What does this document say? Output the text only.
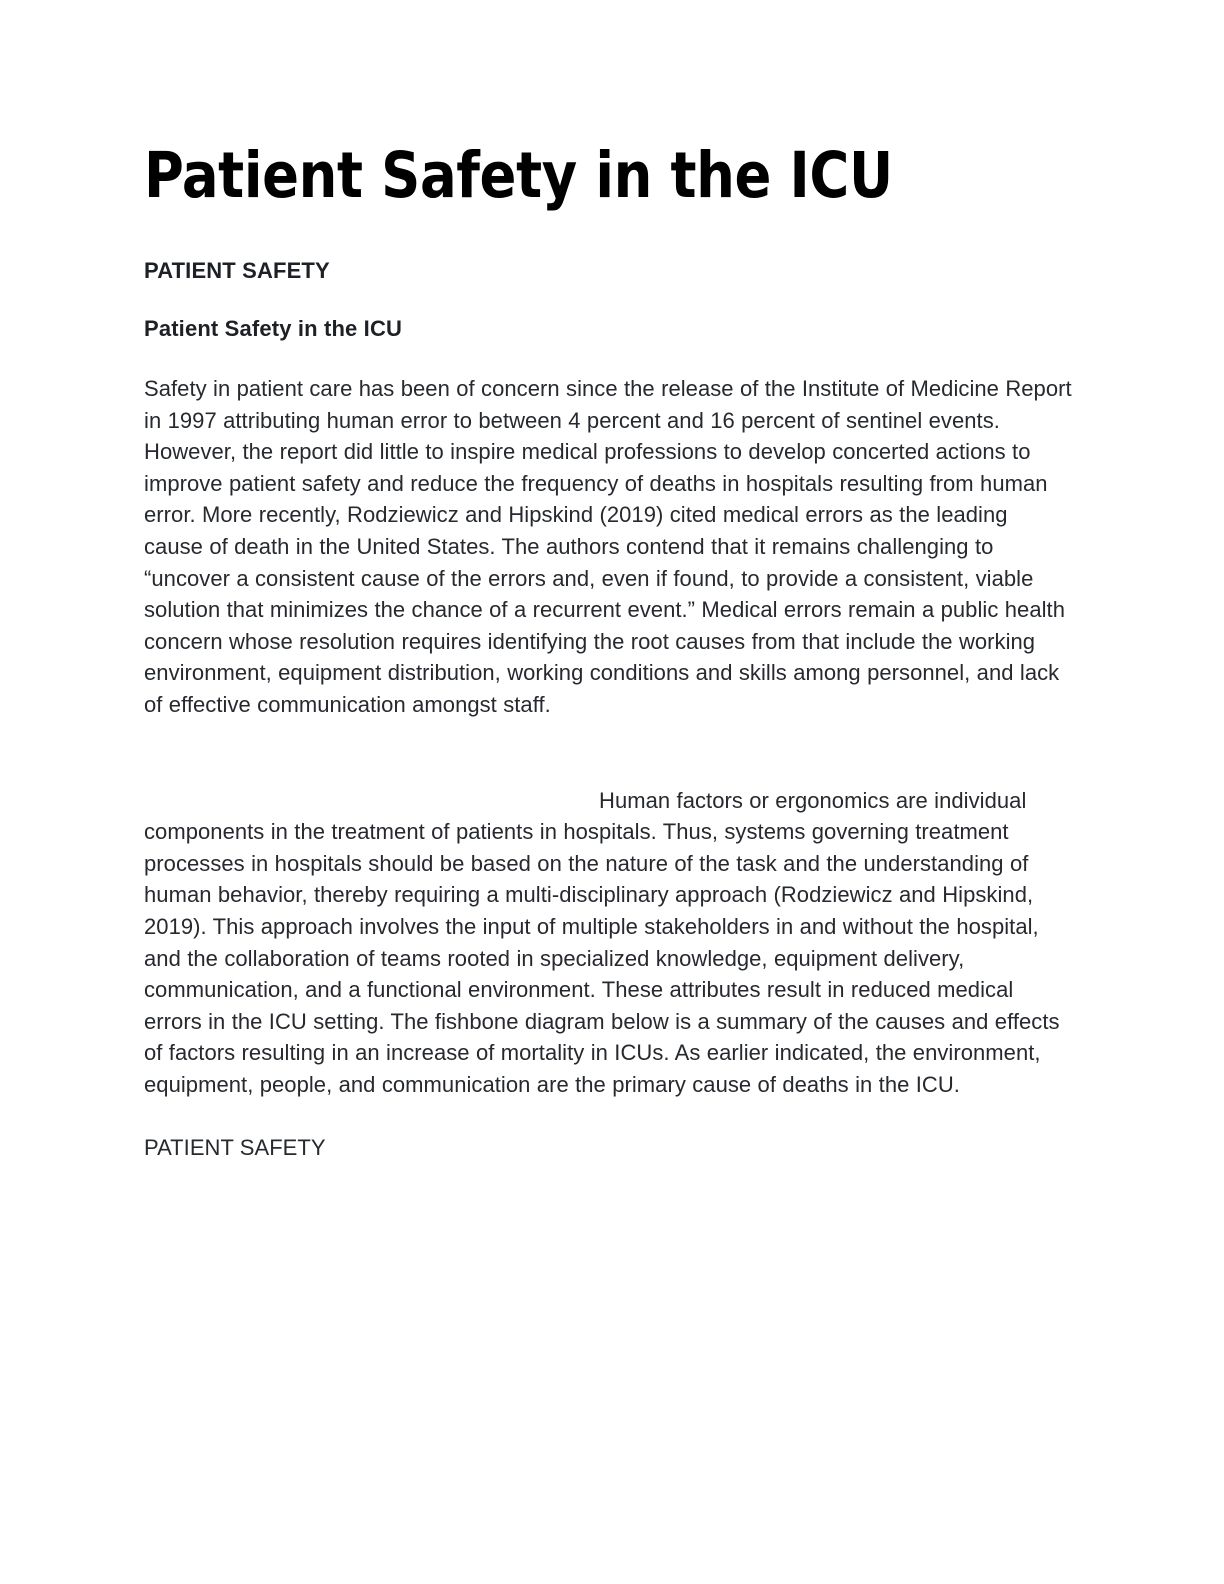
Patient Safety in the ICU

PATIENT SAFETY

Patient Safety in the ICU

Safety in patient care has been of concern since the release of the Institute of Medicine Report in 1997 attributing human error to between 4 percent and 16 percent of sentinel events. However, the report did little to inspire medical professions to develop concerted actions to improve patient safety and reduce the frequency of deaths in hospitals resulting from human error. More recently, Rodziewicz and Hipskind (2019) cited medical errors as the leading cause of death in the United States. The authors contend that it remains challenging to “uncover a consistent cause of the errors and, even if found, to provide a consistent, viable solution that minimizes the chance of a recurrent event.” Medical errors remain a public health concern whose resolution requires identifying the root causes from that include the working environment, equipment distribution, working conditions and skills among personnel, and lack of effective communication amongst staff.

Human factors or ergonomics are individual components in the treatment of patients in hospitals. Thus, systems governing treatment processes in hospitals should be based on the nature of the task and the understanding of human behavior, thereby requiring a multi-disciplinary approach (Rodziewicz and Hipskind, 2019). This approach involves the input of multiple stakeholders in and without the hospital, and the collaboration of teams rooted in specialized knowledge, equipment delivery, communication, and a functional environment. These attributes result in reduced medical errors in the ICU setting. The fishbone diagram below is a summary of the causes and effects of factors resulting in an increase of mortality in ICUs. As earlier indicated, the environment, equipment, people, and communication are the primary cause of deaths in the ICU.

PATIENT SAFETY
